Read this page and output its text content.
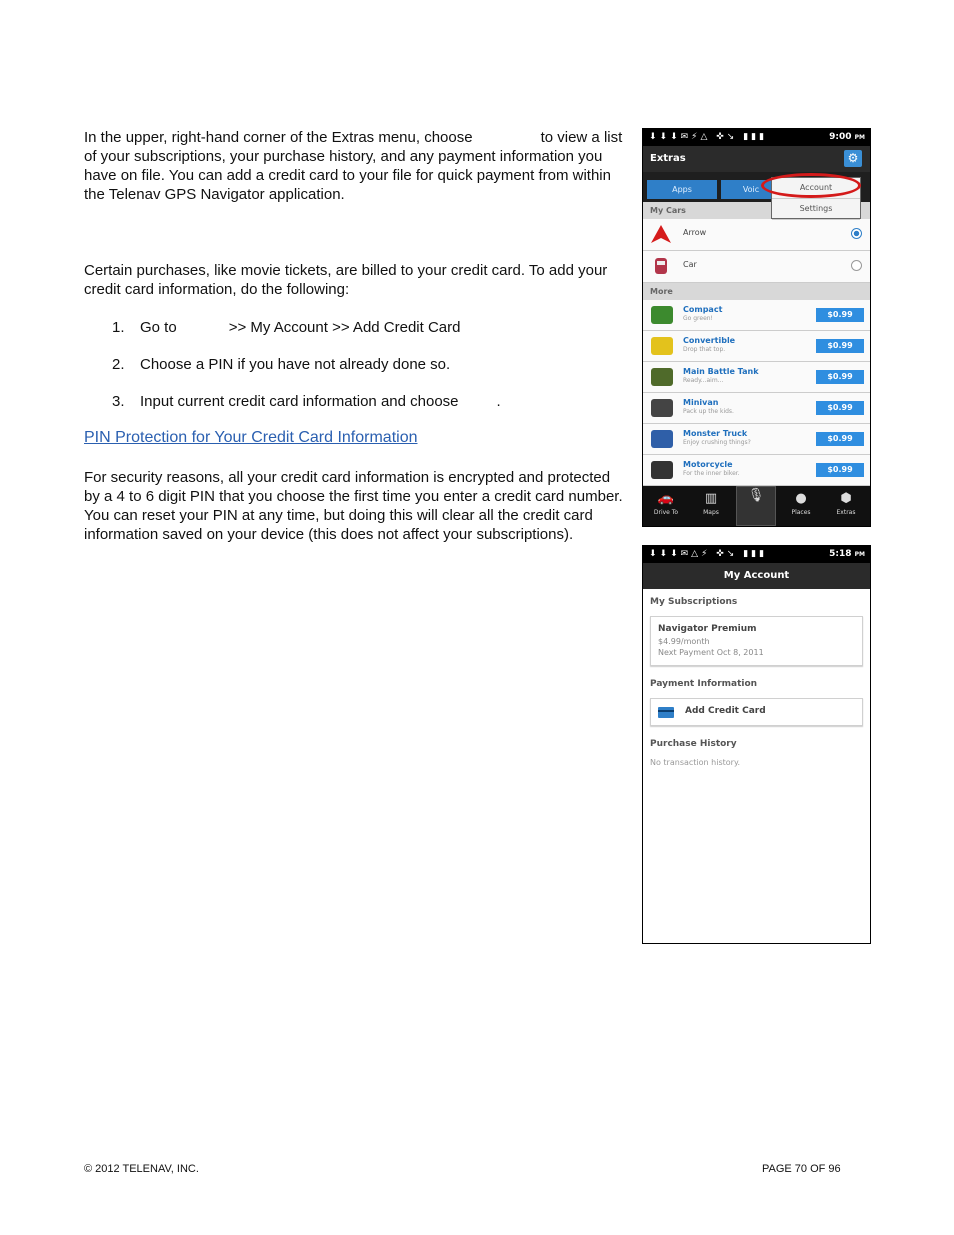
In the upper, right-hand corner of the Extras menu, choose	to view a list of your subscriptions, your purchase history, and any payment information you have on file. You can add a credit card to your file for quick payment from within the Telenav GPS Navigator application.
Certain purchases, like movie tickets, are billed to your credit card. To add your credit card information, do the following:
1. Go to	>> My Account >> Add Credit Card
2. Choose a PIN if you have not already done so.
3. Input current credit card information and choose	.
PIN Protection for Your Credit Card Information
For security reasons, all your credit card information is encrypted and protected by a 4 to 6 digit PIN that you choose the first time you enter a credit card number. You can reset your PIN at any time, but doing this will clear all the credit card information saved on your device (this does not affect your subscriptions).
© 2012 TELENAV, INC.	PAGE 70 OF 96
⬇⬇⬇✉⚡△ ✜↘ ▮▮▮	9:00 PM
Extras	⚙
Apps	Voic
My Cars
Arrow
Car
More
Compact
Go green!	$0.99
Convertible
Drop that top.	$0.99
Main Battle Tank
Ready...aim...	$0.99
Minivan
Pack up the kids.	$0.99
Monster Truck
Enjoy crushing things?	$0.99
Motorcycle
For the inner biker.	$0.99
Account
Settings
🚗
Drive To
▥
Maps
🎙	●
Places
⬢
Extras
⬇⬇⬇✉△⚡ ✜↘ ▮▮▮	5:18 PM
My Account
My Subscriptions
Navigator Premium
$4.99/month
Next Payment Oct 8, 2011
Payment Information
Add Credit Card
Purchase History
No transaction history.
